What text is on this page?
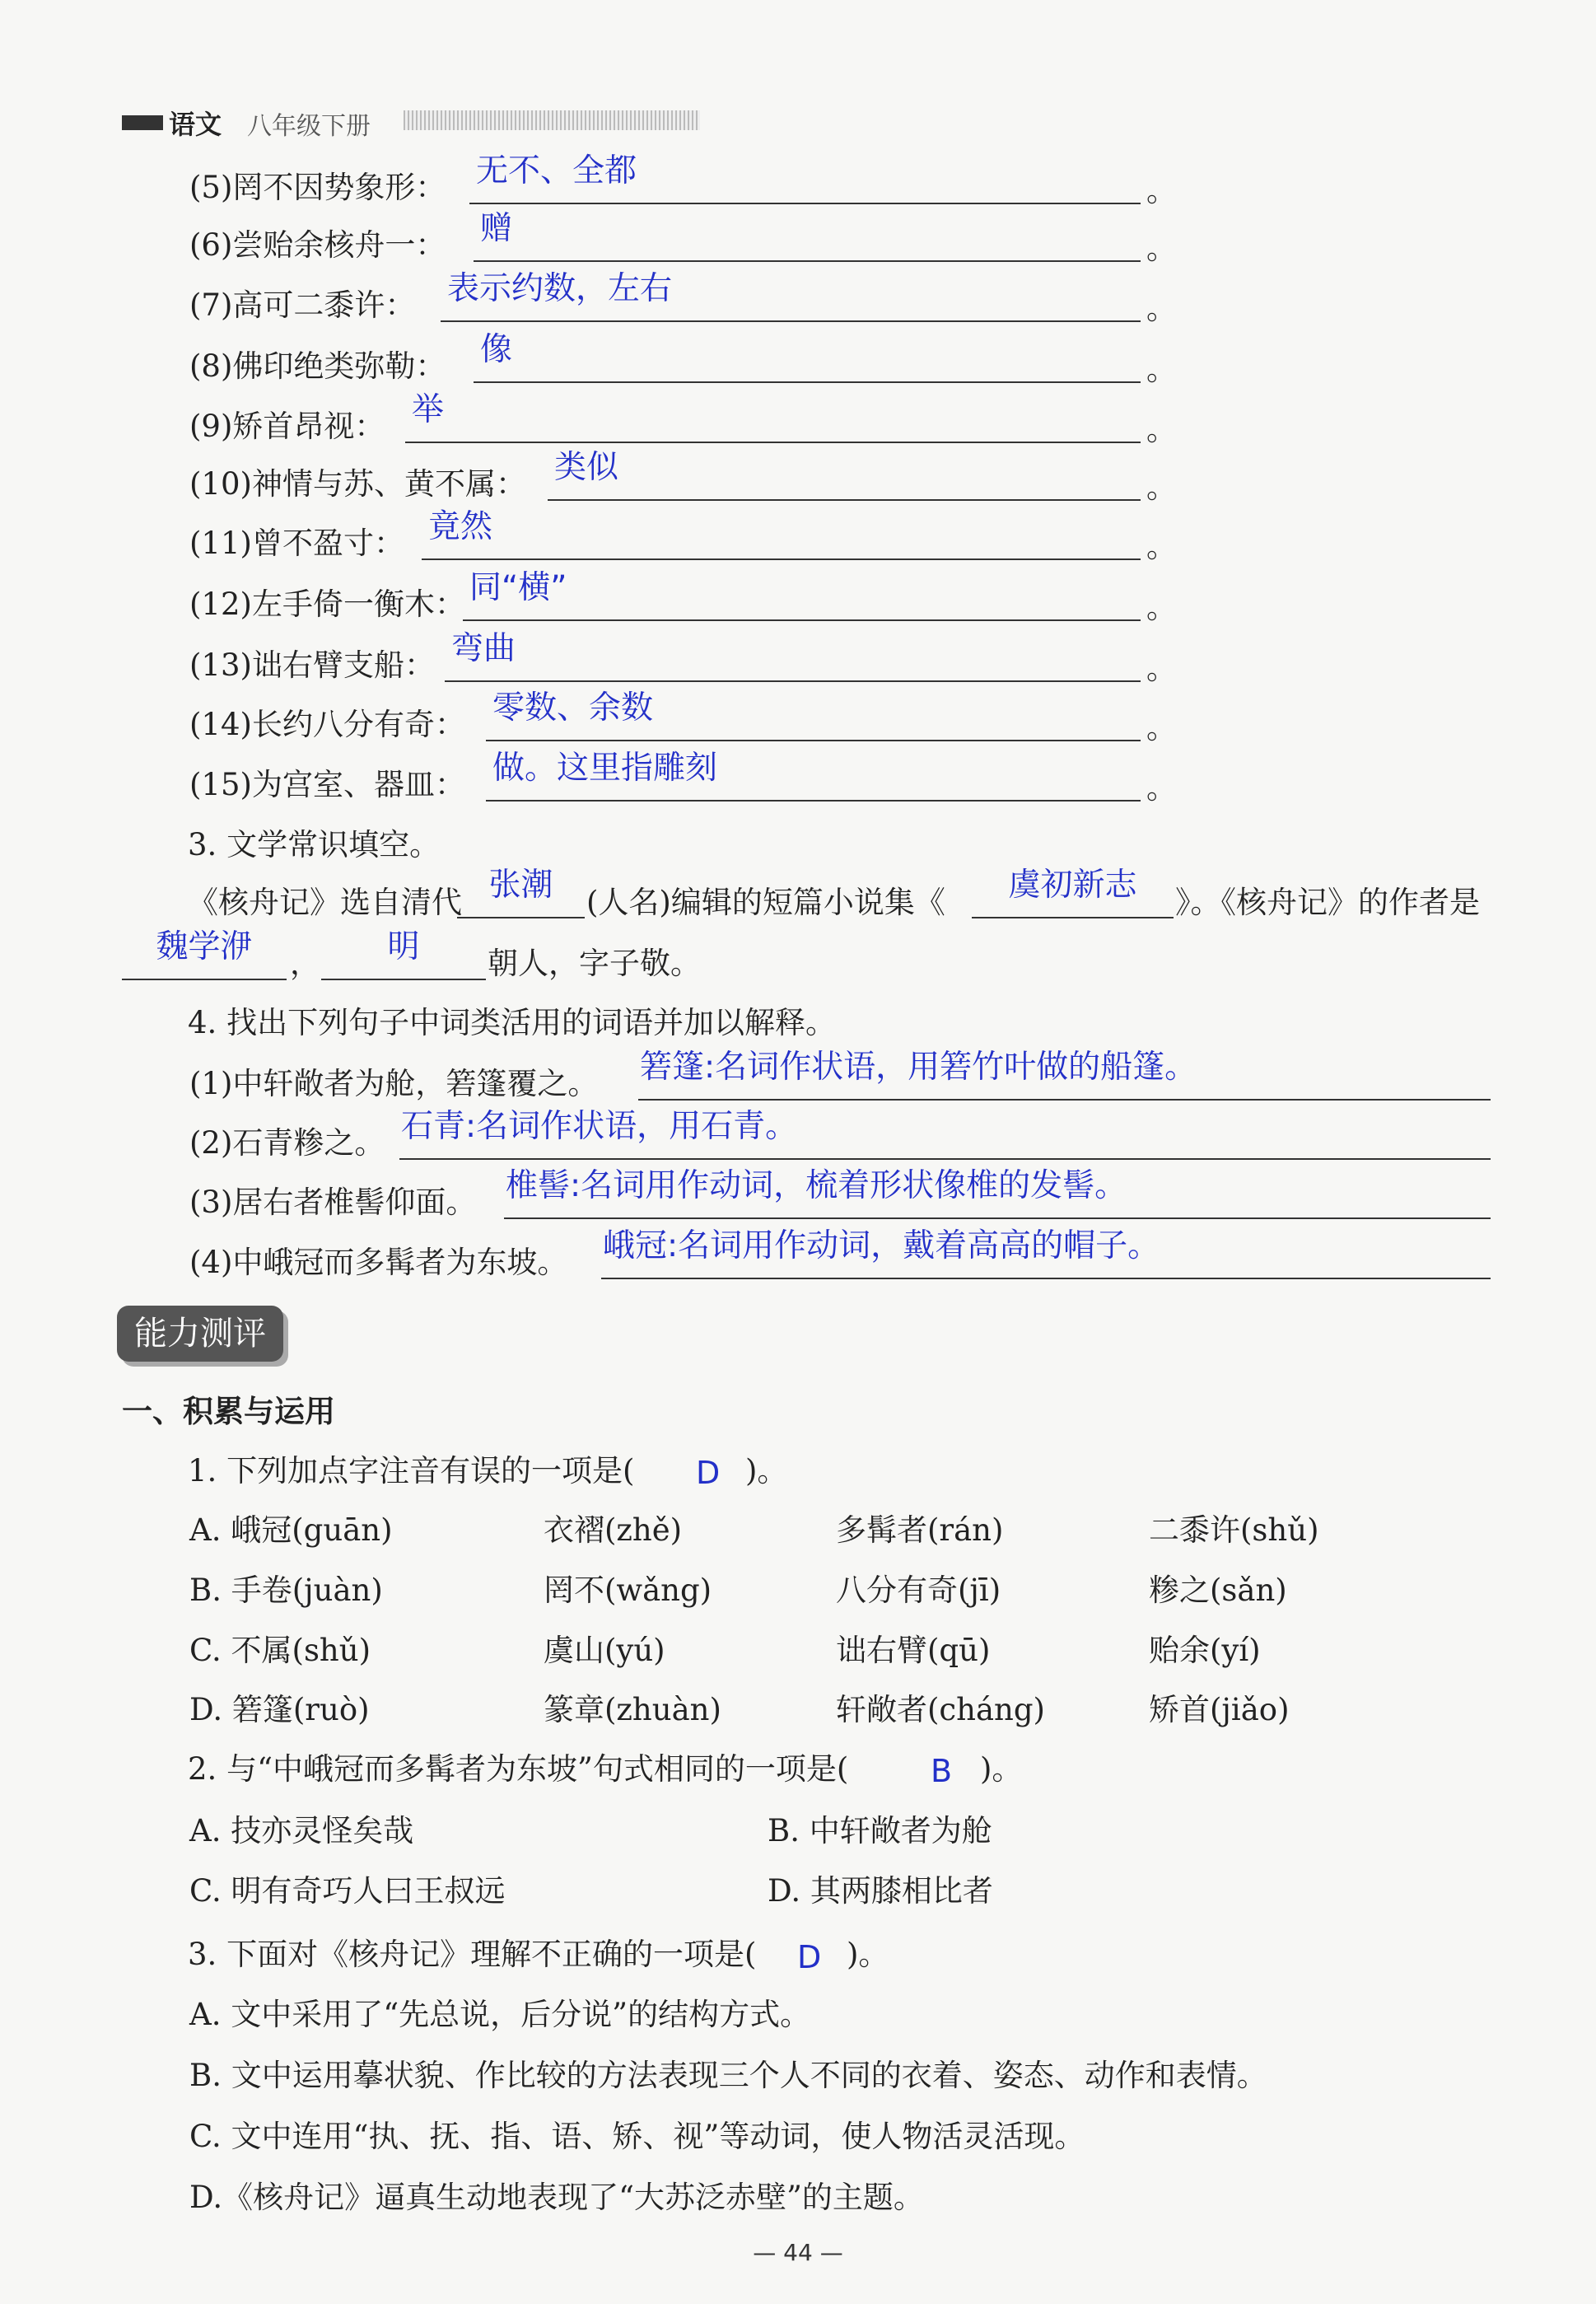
语文 八年级下册
(5)罔不因势象形： 无不、全都
。
(6)尝贻余核舟一： 赠
。
(7)高可二黍许： 表示约数，左右
。
(8)佛印绝类弥勒： 像
。
(9)矫首昂视： 举
。
(10)神情与苏、黄不属： 类似
。
(11)曾不盈寸： 竟然
。
(12)左手倚一衡木： 同“横”
。
(13)诎右臂支船： 弯曲
。
(14)长约八分有奇： 零数、余数
。
(15)为宫室、器皿： 做。这里指雕刻
。
3. 文学常识填空。
《核舟记》选自清代 张潮	(人名)编辑的短篇小说集《	虞初新志	》。《核舟记》的作者是
魏学洢	，	明	朝人，字子敬。
4. 找出下列句子中词类活用的词语并加以解释。
(1)中轩敞者为舱，箬篷覆之。 箬篷:名词作状语，用箬竹叶做的船篷。
(2)石青糁之。 石青:名词作状语，用石青。
(3)居右者椎髻仰面。 椎髻:名词用作动词，梳着形状像椎的发髻。
(4)中峨冠而多髯者为东坡。 峨冠:名词用作动词，戴着高高的帽子。
能力测评
一、积累与运用
1. 下列加点字注音有误的一项是( D )。
A. 峨冠(guān)	衣褶(zhě)	多髯者(rán)	二黍许(shǔ)
B. 手卷(juàn)	罔不(wǎng)	八分有奇(jī)	糁之(sǎn)
C. 不属(shǔ)	虞山(yú)	诎右臂(qū)	贻余(yí)
D. 箬篷(ruò)	篆章(zhuàn)	轩敞者(cháng)	矫首(jiǎo)
2. 与“中峨冠而多髯者为东坡”句式相同的一项是(	B )。
A. 技亦灵怪矣哉	B. 中轩敞者为舱
C. 明有奇巧人曰王叔远	D. 其两膝相比者
3. 下面对《核舟记》理解不正确的一项是( D )。
A. 文中采用了“先总说，后分说”的结构方式。
B. 文中运用摹状貌、作比较的方法表现三个人不同的衣着、姿态、动作和表情。
C. 文中连用“执、抚、指、语、矫、视”等动词，使人物活灵活现。
D.《核舟记》逼真生动地表现了“大苏泛赤壁”的主题。
— 44 —
